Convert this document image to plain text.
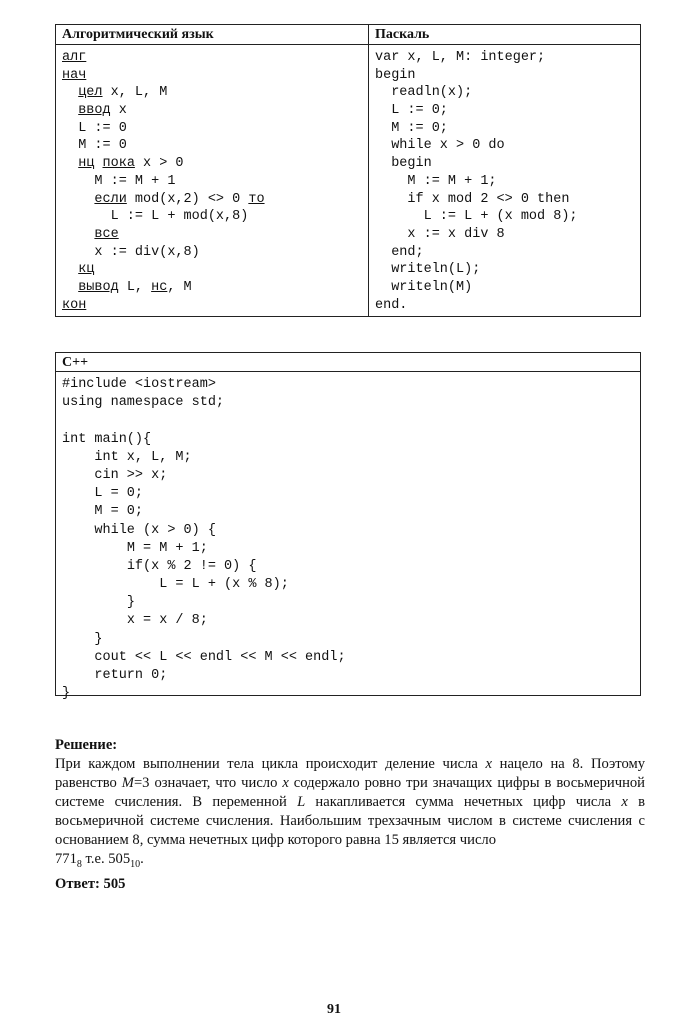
Алгоритмический язык
алг
нач
цел x, L, M
ввод x
L := 0
M := 0
нц пока x > 0
M := M + 1
если mod(x,2) <> 0 то
L := L + mod(x,8)
все
x := div(x,8)
кц
вывод L, нс, M
кон
Паскаль
var x, L, M: integer;
begin
readln(x);
L := 0;
M := 0;
while x > 0 do
begin
M := M + 1;
if x mod 2 <> 0 then
L := L + (x mod 8);
x := x div 8
end;
writeln(L);
writeln(M)
end.
C++
#include <iostream>
using namespace std;
int main(){
int x, L, M;
cin >> x;
L = 0;
M = 0;
while (x > 0) {
M = M + 1;
if(x % 2 != 0) {
L = L + (x % 8);
}
x = x / 8;
}
cout << L << endl << M << endl;
return 0;
}

Решение:

При каждом выполнении тела цикла происходит деление числа x нацело на 8. Поэтому равенство M=3 означает, что число x содержало ровно три значащих цифры в восьмеричной системе счисления. В переменной L накапливается сумма нечетных цифр числа x в восьмеричной системе счисления. Наибольшим трехзачным числом в системе счисления с основанием 8, сумма нечетных цифр которого равна 15 является число
$771_8$ т.е. $505_{10}$.

Ответ: 505
91
